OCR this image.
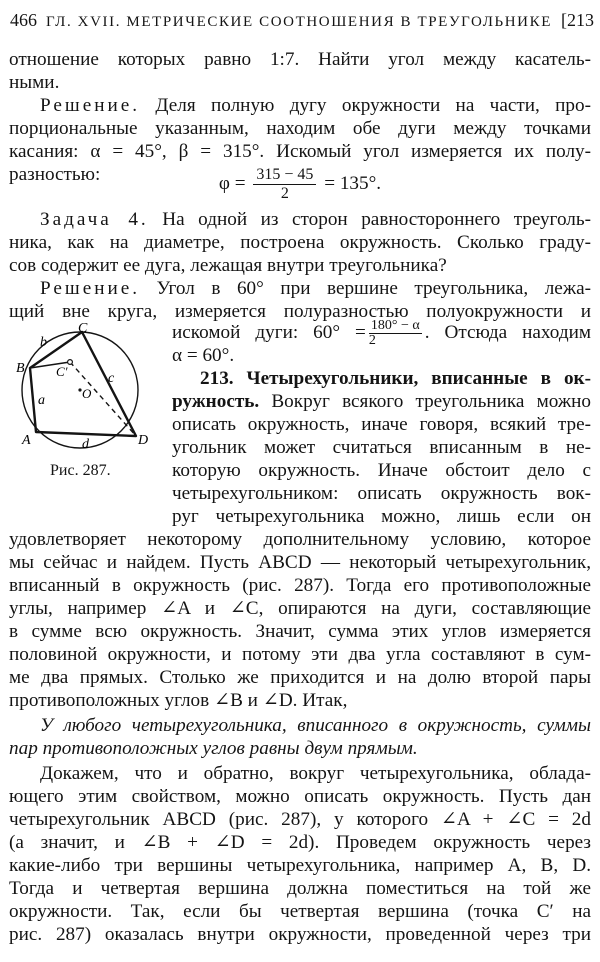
466 ГЛ. XVII. МЕТРИЧЕСКИЕ СООТНОШЕНИЯ В ТРЕУГОЛЬНИКЕ [213
отношение которых равно 1:7. Найти угол между касатель-
ными.
Решение. Деля полную дугу окружности на части, про-
порциональные указанным, находим обе дуги между точками
касания: α = 45°, β = 315°. Искомый угол измеряется их полу-
разностью:	$\varphi = \frac{315 - 45}{2} = 135^\circ$.
Задача 4. На одной из сторон равностороннего треуголь-
ника, как на диаметре, построена окружность. Сколько граду-
сов содержит ее дуга, лежащая внутри треугольника?
Решение. Угол в 60° при вершине треугольника, лежа-
щий вне круга, измеряется полуразностью полуокружности и
искомой дуги: $60^\circ = \frac{180^\circ - \alpha}{2}$ . Отсюда находим
α = 60°.
213. Четырехугольники, вписанные в ок-
ружность. Вокруг всякого треугольника можно
описать окружность, иначе говоря, всякий тре-
угольник может считаться вписанным в не-
которую окружность. Иначе обстоит дело с
четырехугольником: описать окружность вок-
руг четырехугольника можно, лишь если он
удовлетворяет некоторому дополнительному условию, которое
мы сейчас и найдем. Пусть ABCD — некоторый четырехугольник,
вписанный в окружность (рис. 287). Тогда его противоположные
углы, например ∠A и ∠C, опираются на дуги, составляющие
в сумме всю окружность. Значит, сумма этих углов измеряется
половиной окружности, и потому эти два угла составляют в сум-
ме два прямых. Столько же приходится и на долю второй пары
противоположных углов ∠B и ∠D. Итак,
У любого четырехугольника, вписанного в окружность, суммы
пар противоположных углов равны двум прямым.
Докажем, что и обратно, вокруг четырехугольника, облада-
ющего этим свойством, можно описать окружность. Пусть дан
четырехугольник ABCD (рис. 287), у которого ∠A + ∠C = 2d
(а значит, и ∠B + ∠D = 2d). Проведем окружность через
какие-либо три вершины четырехугольника, например A, B, D.
Тогда и четвертая вершина должна поместиться на той же
окружности. Так, если бы четвертая вершина (точка C′ на
рис. 287) оказалась внутри окружности, проведенной через три
C
b
B C′
O
c
a
A	d	D
Рис. 287.
